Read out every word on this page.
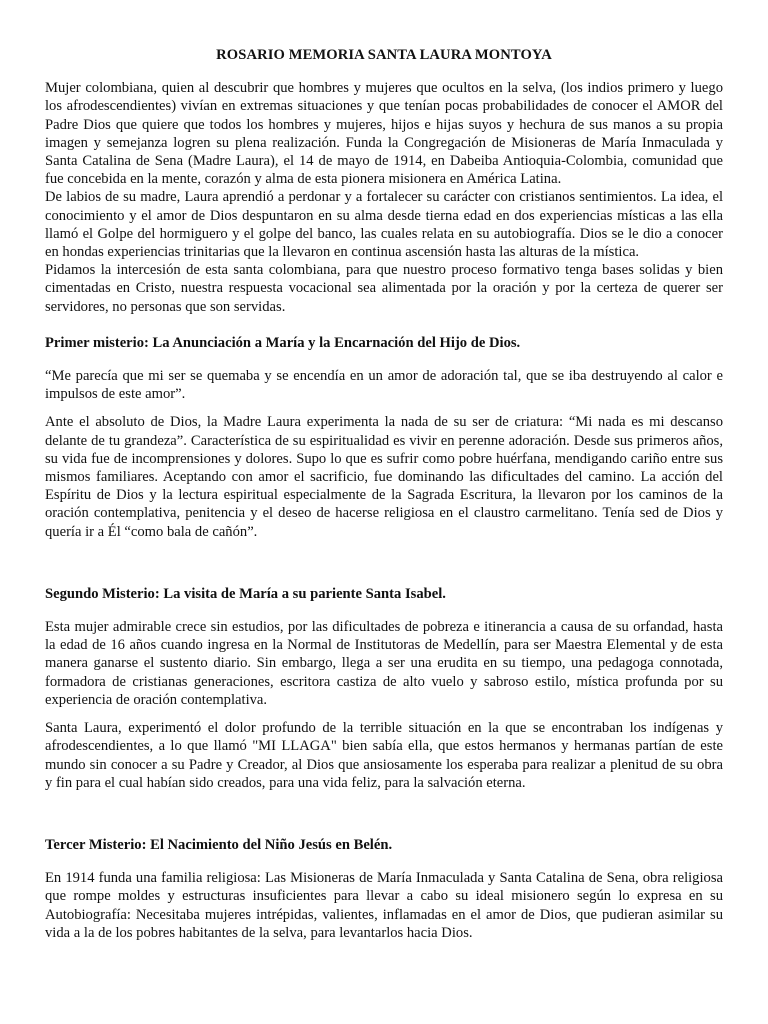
ROSARIO MEMORIA SANTA LAURA MONTOYA

Mujer colombiana, quien al descubrir que hombres y mujeres que ocultos en la selva, (los indios primero y luego los afrodescendientes) vivían en extremas situaciones y que tenían pocas probabilidades de conocer el AMOR del Padre Dios que quiere que todos los hombres y mujeres, hijos e hijas suyos y hechura de sus manos a su propia imagen y semejanza logren su plena realización. Funda la Congregación de Misioneras de María Inmaculada y Santa Catalina de Sena (Madre Laura), el 14 de mayo de 1914, en Dabeiba Antioquia-Colombia, comunidad que fue concebida en la mente, corazón y alma de esta pionera misionera en América Latina.

De labios de su madre, Laura aprendió a perdonar y a fortalecer su carácter con cristianos sentimientos. La idea, el conocimiento y el amor de Dios despuntaron en su alma desde tierna edad en dos experiencias místicas a las ella llamó el Golpe del hormiguero y el golpe del banco, las cuales relata en su autobiografía. Dios se le dio a conocer en hondas experiencias trinitarias que la llevaron en continua ascensión hasta las alturas de la mística.

Pidamos la intercesión de esta santa colombiana, para que nuestro proceso formativo tenga bases solidas y bien cimentadas en Cristo, nuestra respuesta vocacional sea alimentada por la oración y por la certeza de querer ser servidores, no personas que son servidas.

Primer misterio: La Anunciación a María y la Encarnación del Hijo de Dios.

“Me parecía que mi ser se quemaba y se encendía en un amor de adoración tal, que se iba destruyendo al calor e impulsos de este amor”.

Ante el absoluto de Dios, la Madre Laura experimenta la nada de su ser de criatura: “Mi nada es mi descanso delante de tu grandeza”. Característica de su espiritualidad es vivir en perenne adoración. Desde sus primeros años, su vida fue de incomprensiones y dolores. Supo lo que es sufrir como pobre huérfana, mendigando cariño entre sus mismos familiares. Aceptando con amor el sacrificio, fue dominando las dificultades del camino. La acción del Espíritu de Dios y la lectura espiritual especialmente de la Sagrada Escritura, la llevaron por los caminos de la oración contemplativa, penitencia y el deseo de hacerse religiosa en el claustro carmelitano. Tenía sed de Dios y quería ir a Él “como bala de cañón”.

Segundo Misterio: La visita de María a su pariente Santa Isabel.

Esta mujer admirable crece sin estudios, por las dificultades de pobreza e itinerancia a causa de su orfandad, hasta la edad de 16 años cuando ingresa en la Normal de Institutoras de Medellín, para ser Maestra Elemental y de esta manera ganarse el sustento diario. Sin embargo, llega a ser una erudita en su tiempo, una pedagoga connotada, formadora de cristianas generaciones, escritora castiza de alto vuelo y sabroso estilo, mística profunda por su experiencia de oración contemplativa.

Santa Laura, experimentó el dolor profundo de la terrible situación en la que se encontraban los indígenas y afrodescendientes, a lo que llamó "MI LLAGA" bien sabía ella, que estos hermanos y hermanas partían de este mundo sin conocer a su Padre y Creador, al Dios que ansiosamente los esperaba para realizar a plenitud de su obra y fin para el cual habían sido creados, para una vida feliz, para la salvación eterna.

Tercer Misterio: El Nacimiento del Niño Jesús en Belén.

En 1914 funda una familia religiosa: Las Misioneras de María Inmaculada y Santa Catalina de Sena, obra religiosa que rompe moldes y estructuras insuficientes para llevar a cabo su ideal misionero según lo expresa en su Autobiografía: Necesitaba mujeres intrépidas, valientes, inflamadas en el amor de Dios, que pudieran asimilar su vida a la de los pobres habitantes de la selva, para levantarlos hacia Dios.
